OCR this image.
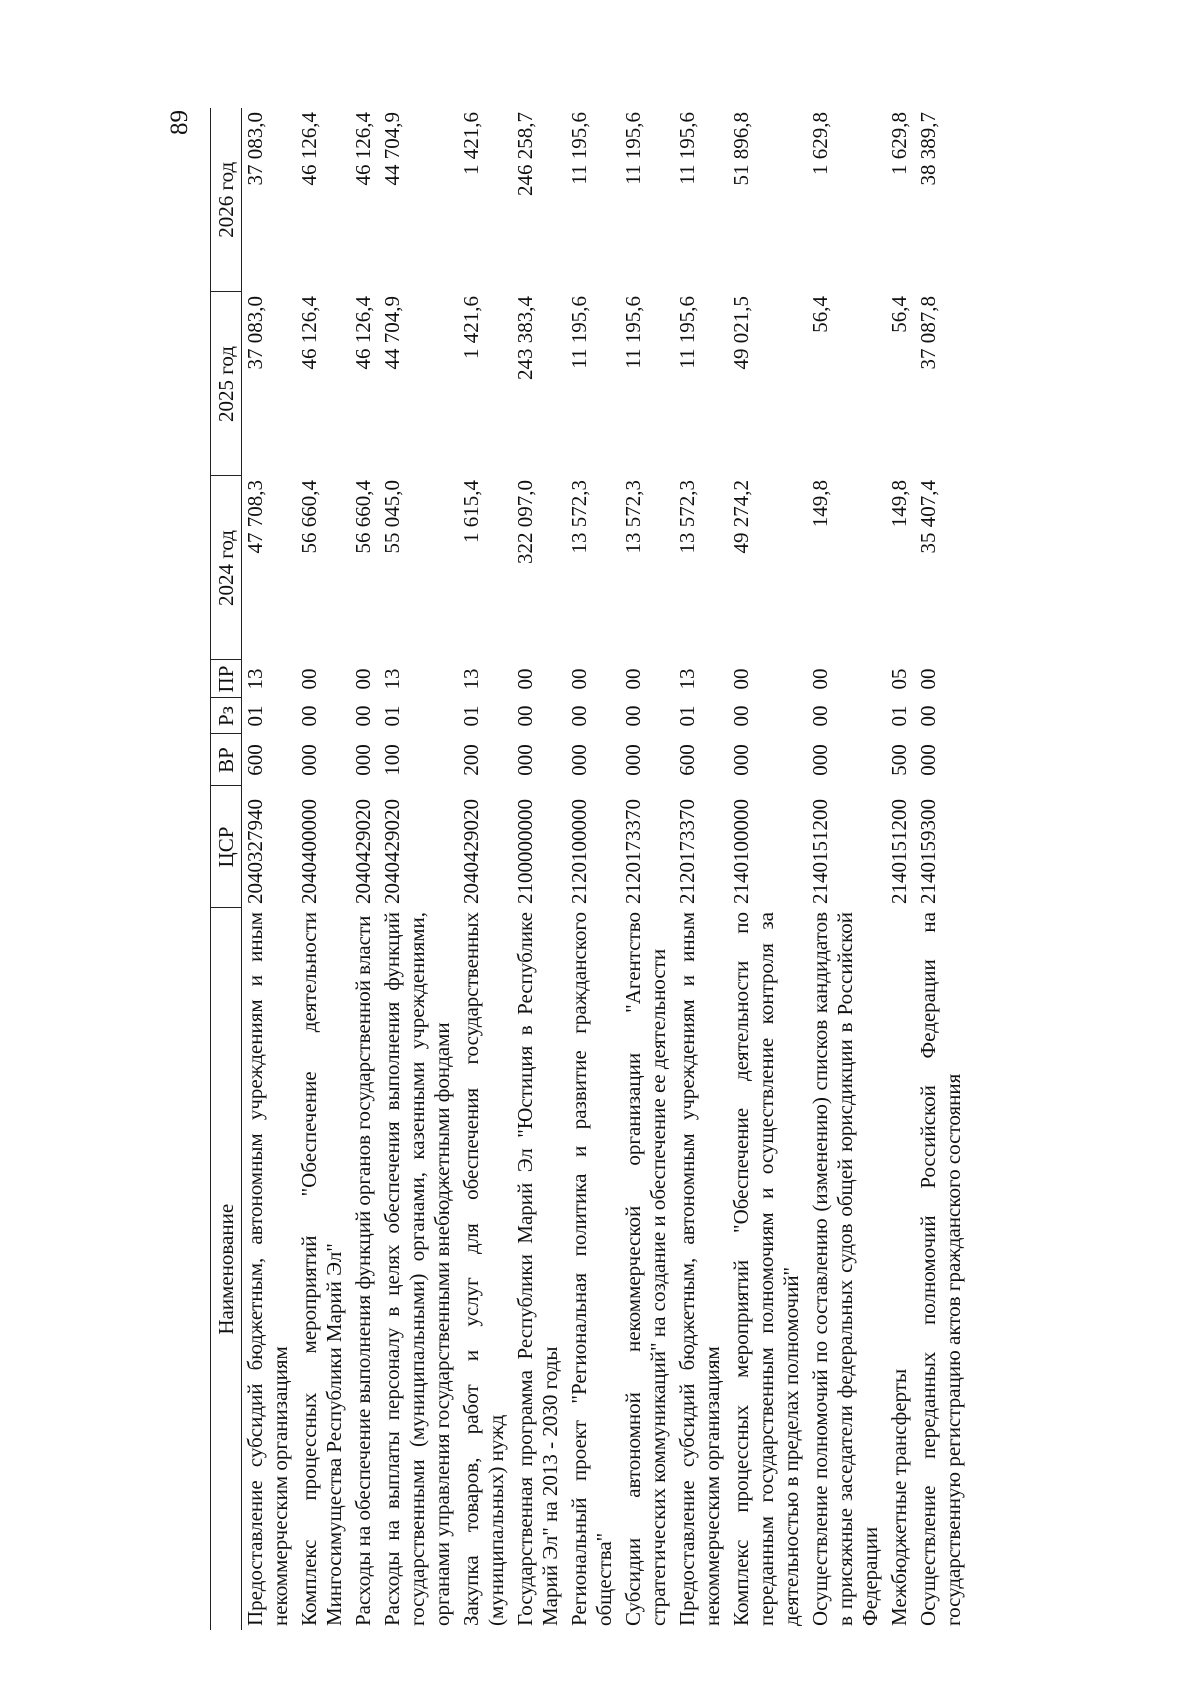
89
Наименование	ЦСР	ВР	Рз	ПР	2024 год	2025 год	2026 год
Предоставление субсидий бюджетным, автономным учреждениям и иным некоммерческим организациям	2040327940	600	01	13	47 708,3	37 083,0	37 083,0
Комплекс процессных мероприятий "Обеспечение деятельности Мингосимущества Республики Марий Эл"	2040400000	000	00	00	56 660,4	46 126,4	46 126,4
Расходы на обеспечение выполнения функций органов государственной власти	2040429020	000	00	00	56 660,4	46 126,4	46 126,4
Расходы на выплаты персоналу в целях обеспечения выполнения функций государственными (муниципальными) органами, казенными учреждениями, органами управления государственными внебюджетными фондами	2040429020	100	01	13	55 045,0	44 704,9	44 704,9
Закупка товаров, работ и услуг для обеспечения государственных (муниципальных) нужд	2040429020	200	01	13	1 615,4	1 421,6	1 421,6
Государственная программа Республики Марий Эл "Юстиция в Республике Марий Эл" на 2013 - 2030 годы	2100000000	000	00	00	322 097,0	243 383,4	246 258,7
Региональный проект "Региональная политика и развитие гражданского общества"	2120100000	000	00	00	13 572,3	11 195,6	11 195,6
Субсидии автономной некоммерческой организации "Агентство стратегических коммуникаций" на создание и обеспечение ее деятельности	2120173370	000	00	00	13 572,3	11 195,6	11 195,6
Предоставление субсидий бюджетным, автономным учреждениям и иным некоммерческим организациям	2120173370	600	01	13	13 572,3	11 195,6	11 195,6
Комплекс процессных мероприятий "Обеспечение деятельности по переданным государственным полномочиям и осуществление контроля за деятельностью в пределах полномочий"	2140100000	000	00	00	49 274,2	49 021,5	51 896,8
Осуществление полномочий по составлению (изменению) списков кандидатов в присяжные заседатели федеральных судов общей юрисдикции в Российской Федерации	2140151200	000	00	00	149,8	56,4	1 629,8
Межбюджетные трансферты	2140151200	500	01	05	149,8	56,4	1 629,8
Осуществление переданных полномочий Российской Федерации на государственную регистрацию актов гражданского состояния	2140159300	000	00	00	35 407,4	37 087,8	38 389,7
